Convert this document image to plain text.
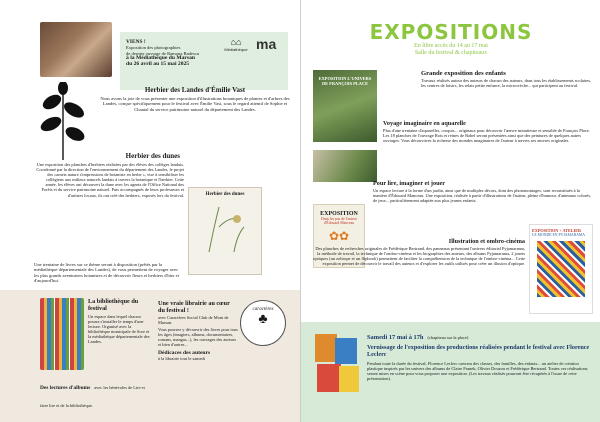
VIENS !
Exposition des photographies
de dernier ouvrage de Ramona Badescu
à la Médiathèque du Marsan
du 26 avril au 15 mai 2025
⌂⌂
Médiathèque ma
Herbier des Landes d'Émilie Vast

Nous avons la joie de vous présenter une exposition d'illustrations botaniques de plantes et d'arbres des Landes, conçue spécifiquement pour le festival avec Émilie Vast, sous le regard attentif de Sophie et Chantal du service patrimoine naturel du département des Landes.

Herbier des dunes

Une exposition des planches d'herbiers réalisées par des élèves des collèges landais. Coordonné par la direction de l'environnement du département des Landes, le projet des carnets nature s'impressions de botaniste en herbe », vise à sensibiliser les collégiens aux milieux naturels landais à travers la botanique et l'herbier. Cette année, les élèves ont découvert la dune avec les agents de l'Office National des Forêts et du service patrimoine naturel. Puis accompagnés de leurs professeurs et d'artistes locaux, ils ont créé des herbiers, exposés lors du festival.	Herbier des dunes

Une trentaine de livres sur ce thème seront à disposition (prêtés par la médiathèque départementale des Landes), de vous permettent de voyager avec les plus grands aventuriers botanistes et de découvrir fleurs et herbiers d'hier et d'aujourd'hui.

La bibliothèque du festival

Un espace dans lequel chacun pourra s'installer le temps d'une lecture. Organisé avec la bibliothèque municipale de Sore et la médiathèque départementale des Landes.

Des lectures d'albums avec les bénévoles de Lire et faire lire et de la bibliothèque.
Une vraie librairie au cœur du festival !

avec Caractères Social Club de Mont de Marsan.

Vous pourrez y découvrir des livres pour tous les âges (imagiers, albums, documentaires, romans, mangas...), les ouvrages des auteurs et bien d'autres...

Dédicaces des auteurs

à la librairie tout le samedi

caractères
♣
EXPOSITIONS
En libre accès du 14 au 17 mai
Salle du festival & chapiteaux
EXPOSITION L'UNIVERS DE FRANÇOIS PLACE
Grande exposition des enfants

Travaux réalisés autour des auteurs de chacun des auteurs, dans tous les établissements scolaires, les centres de loisirs, les relais petite enfance, la microcrèche... qui participent au festival.

Voyage imaginaire en aquarelle

Plus d'une trentaine d'aquarelles, croquis... originaux pour découvrir l'œuvre minutieuse et sensible de François Place. Les 18 planches de l'ouvrage Rois et reines de Babel seront présentées ainsi que des peintures de quelques autres ouvrages. Vous découvrirez la richesse des mondes imaginaires de l'auteur à travers ses œuvres originales.

EXPOSITION
Dans les pas de l'auteur d'Édouard Manceau
✿✿
Pour lire, imaginer et jouer

Un espace lecture à la forme d'un jardin, ainsi que de multiples décors, dont des photomontages, sont reconstitués à la manière d'Édouard Manceau. Une exposition, réalisée à partir d'illustrations de l'auteur, pleine d'humour, d'animaux colorés, de jeux... particulièrement adaptée aux plus jeunes enfants.

EXPOSITION + ATELIER
LE MONDE EN PYJAMARAMA
Illustration et ombro-cinéma

Des planches de recherches originales de Frédérique Bertrand, des panneaux présentant l'univers éditorial Pyjamarama, la méthode de travail, la technique de l'ombro-cinéma et les biographies des auteurs, des albums Pyjamarama, 2 jouets optiques (un zoltrope et un flipbook) permettent de faciliter la compréhension de la technique de l'ombro-cinéma... Cette exposition permet de découvrir le travail des auteurs et d'explorer les outils utilisés pour créer un illusion d'optique.

Samedi 17 mai à 17h (chapiteau sur la place)
Vernissage de l'exposition des productions réalisées pendant le festival avec Florence Leclerc

Pendant toute la durée du festival, Florence Leclerc ouvrera des classes, des familles, des enfants... un atelier de création plastique inspirés par les univers des albums de Claire Franek, Olivier Douzou et Frédérique Bertrand. Toutes ces réalisations seront mises en scène pour vous proposer une exposition. (Les travaux réalisés pourront être récupérés à l'issue de cette présentation).
